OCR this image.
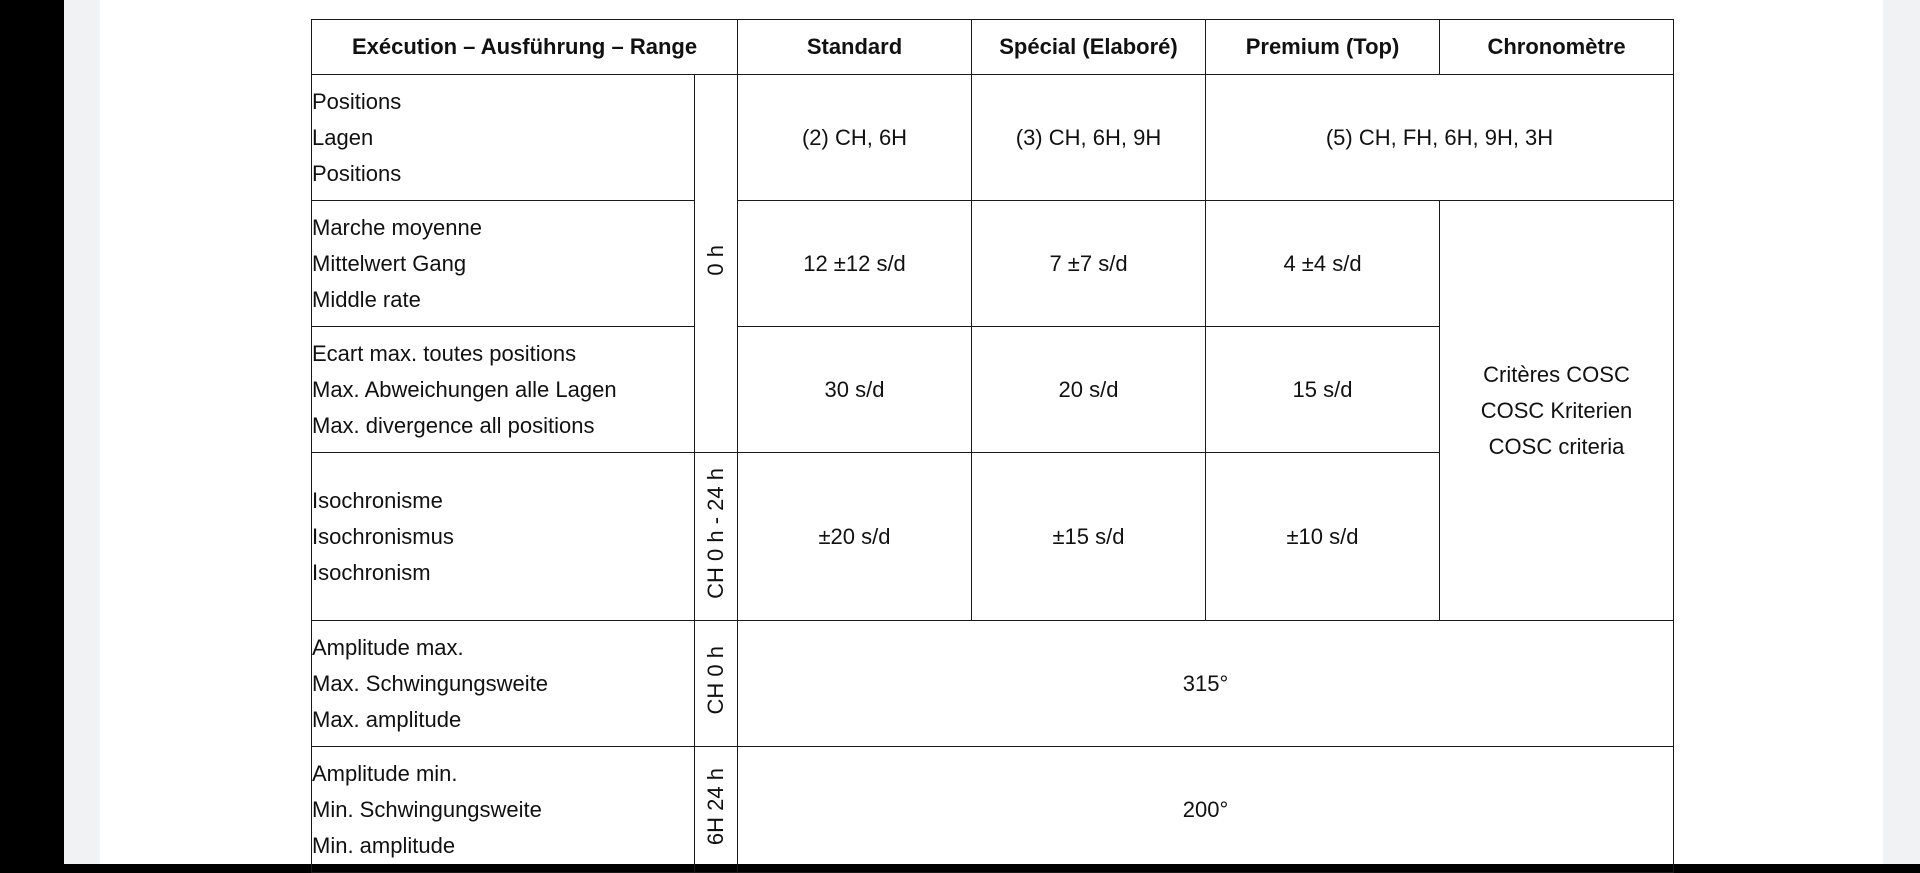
Exécution – Ausführung – Range		Standard	Spécial (Elaboré)	Premium (Top)	Chronomètre

Positions
Lagen
Positions	0 h	(2) CH, 6H	(3) CH, 6H, 9H	(5) CH, FH, 6H, 9H, 3H	

Marche moyenne
Mittelwert Gang
Middle rate		12 ±12 s/d	7 ±7 s/d	4 ±4 s/d	Critères COSC
COSC Kriterien
COSC criteria

Ecart max. toutes positions
Max. Abweichungen alle Lagen
Max. divergence all positions		30 s/d	20 s/d	15 s/d	

Isochronisme
Isochronismus
Isochronism	CH 0 h - 24 h	±20 s/d	±15 s/d	±10 s/d	

Amplitude max.
Max. Schwingungsweite
Max. amplitude	CH 0 h	315°			

Amplitude min.
Min. Schwingungsweite
Min. amplitude	6H 24 h	200°			
